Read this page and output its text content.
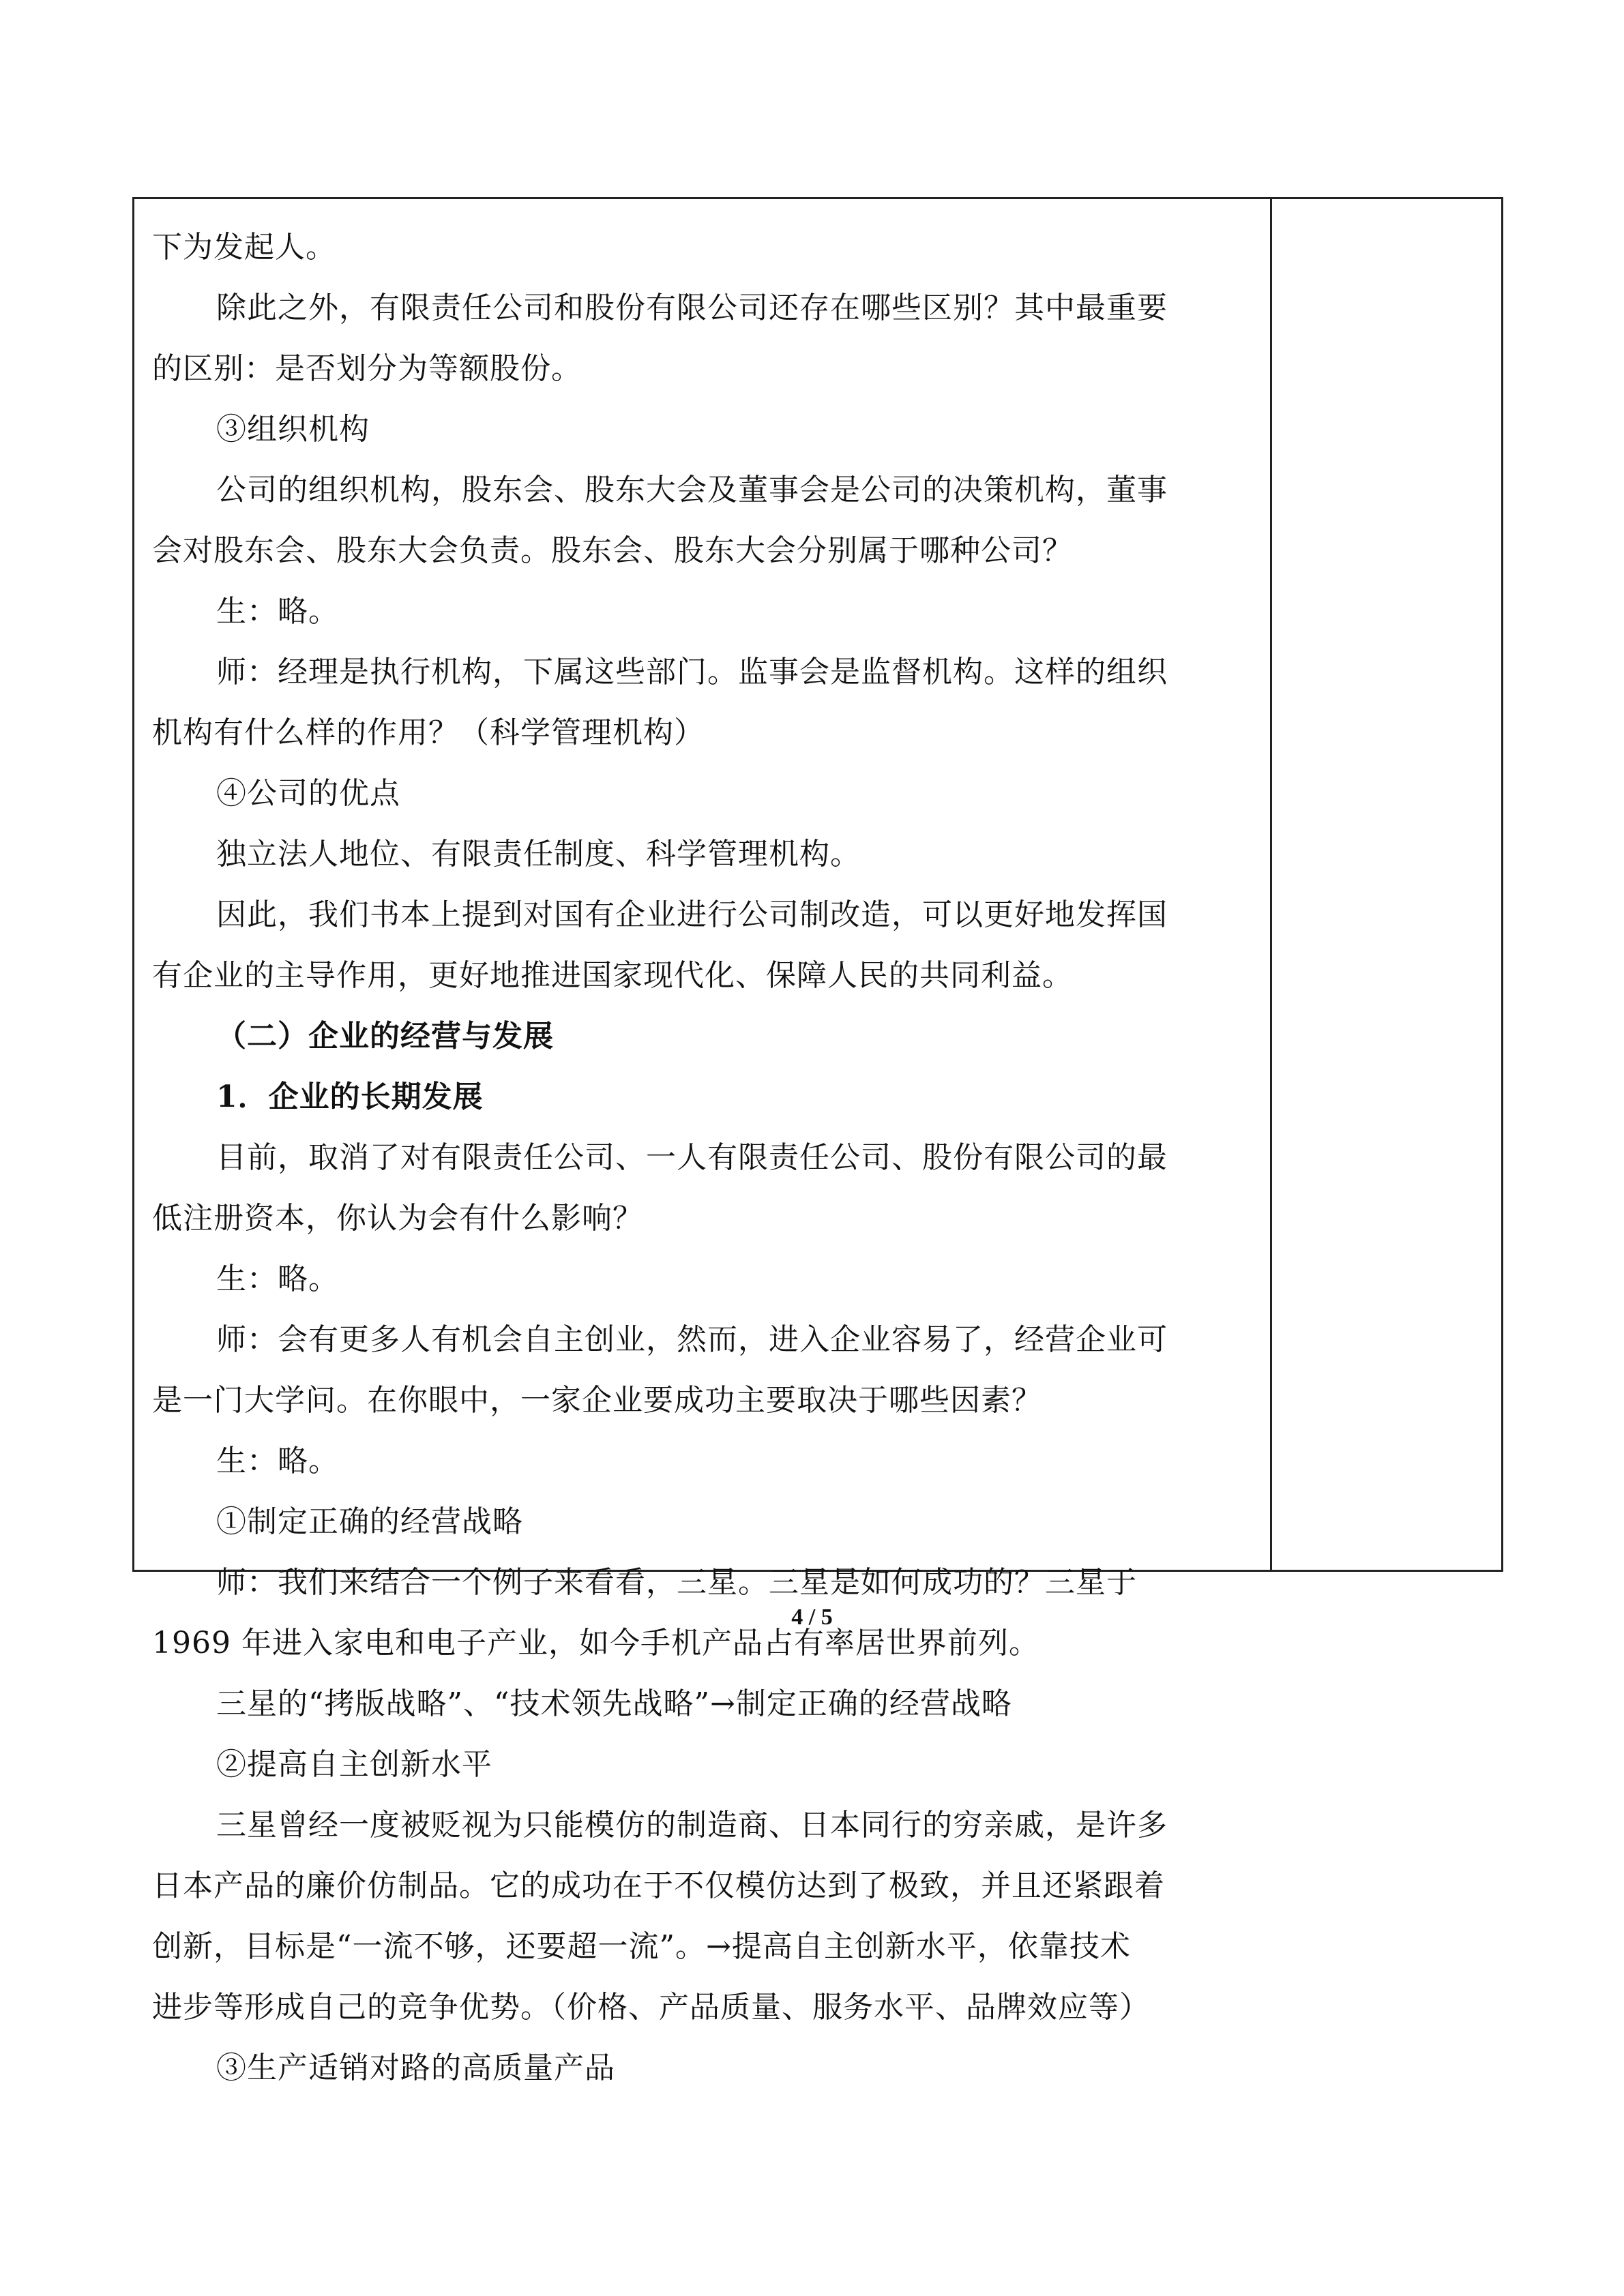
下为发起人。
除此之外，有限责任公司和股份有限公司还存在哪些区别？其中最重要
的区别：是否划分为等额股份。
③组织机构
公司的组织机构，股东会、股东大会及董事会是公司的决策机构，董事
会对股东会、股东大会负责。股东会、股东大会分别属于哪种公司？
生：略。
师：经理是执行机构，下属这些部门。监事会是监督机构。这样的组织
机构有什么样的作用？（科学管理机构）
④公司的优点
独立法人地位、有限责任制度、科学管理机构。
因此，我们书本上提到对国有企业进行公司制改造，可以更好地发挥国
有企业的主导作用，更好地推进国家现代化、保障人民的共同利益。
（二）企业的经营与发展
1．企业的长期发展
目前，取消了对有限责任公司、一人有限责任公司、股份有限公司的最
低注册资本，你认为会有什么影响？
生：略。
师：会有更多人有机会自主创业，然而，进入企业容易了，经营企业可
是一门大学问。在你眼中，一家企业要成功主要取决于哪些因素？
生：略。
①制定正确的经营战略
师：我们来结合一个例子来看看，三星。三星是如何成功的？三星于
1969 年进入家电和电子产业，如今手机产品占有率居世界前列。
三星的“拷版战略”、“技术领先战略”→制定正确的经营战略
②提高自主创新水平
三星曾经一度被贬视为只能模仿的制造商、日本同行的穷亲戚，是许多
日本产品的廉价仿制品。它的成功在于不仅模仿达到了极致，并且还紧跟着
创新，目标是“一流不够，还要超一流”。→提高自主创新水平，依靠技术
进步等形成自己的竞争优势。（价格、产品质量、服务水平、品牌效应等）
③生产适销对路的高质量产品
4 / 5
